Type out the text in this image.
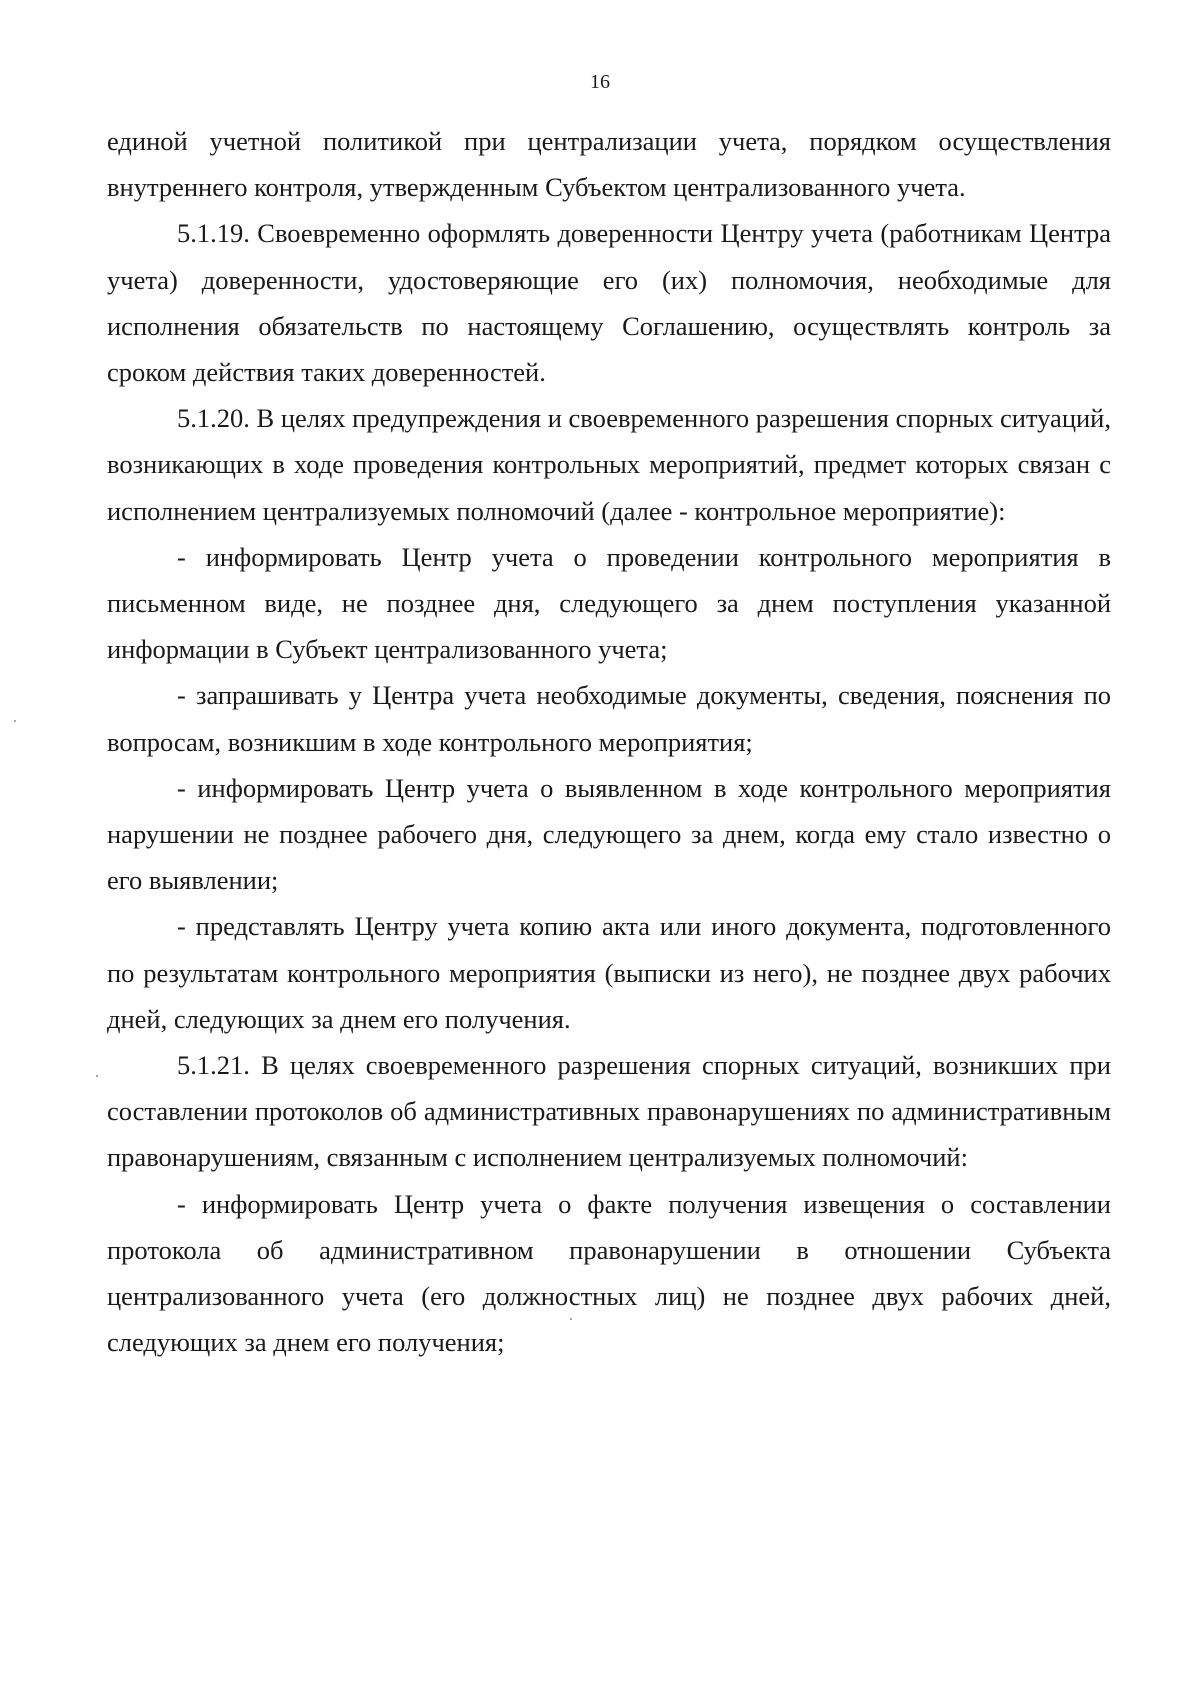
16

единой учетной политикой при централизации учета, порядком осуществления внутреннего контроля, утвержденным Субъектом централизованного учета.

5.1.19. Своевременно оформлять доверенности Центру учета (работникам Центра учета) доверенности, удостоверяющие его (их) полномочия, необходимые для исполнения обязательств по настоящему Соглашению, осуществлять контроль за сроком действия таких доверенностей.

5.1.20. В целях предупреждения и своевременного разрешения спорных ситуаций, возникающих в ходе проведения контрольных мероприятий, предмет которых связан с исполнением централизуемых полномочий (далее - контрольное мероприятие):

- информировать Центр учета о проведении контрольного мероприятия в письменном виде, не позднее дня, следующего за днем поступления указанной информации в Субъект централизованного учета;

- запрашивать у Центра учета необходимые документы, сведения, пояснения по вопросам, возникшим в ходе контрольного мероприятия;

- информировать Центр учета о выявленном в ходе контрольного мероприятия нарушении не позднее рабочего дня, следующего за днем, когда ему стало известно о его выявлении;

- представлять Центру учета копию акта или иного документа, подготовленного по результатам контрольного мероприятия (выписки из него), не позднее двух рабочих дней, следующих за днем его получения.

5.1.21. В целях своевременного разрешения спорных ситуаций, возникших при составлении протоколов об административных правонарушениях по административным правонарушениям, связанным с исполнением централизуемых полномочий:

- информировать Центр учета о факте получения извещения о составлении протокола об административном правонарушении в отношении Субъекта централизованного учета (его должностных лиц) не позднее двух рабочих дней, следующих за днем его получения;
